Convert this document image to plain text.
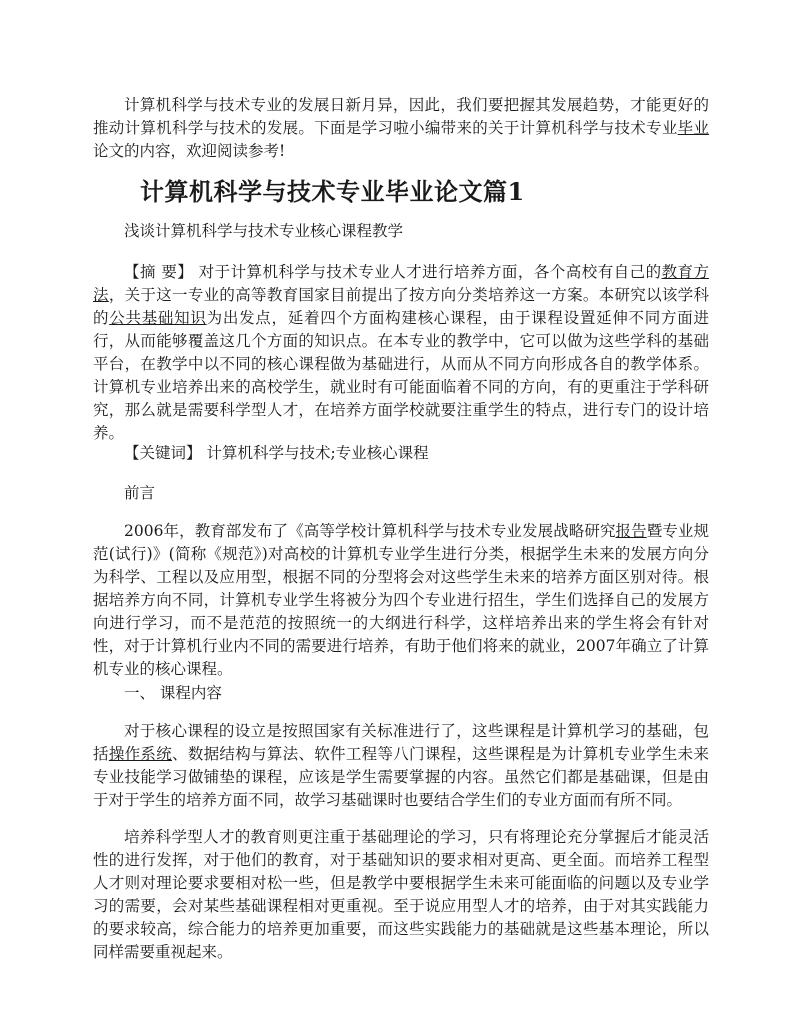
计算机科学与技术专业的发展日新月异，因此，我们要把握其发展趋势，才能更好的推动计算机科学与技术的发展。下面是学习啦小编带来的关于计算机科学与技术专业毕业论文的内容，欢迎阅读参考!

计算机科学与技术专业毕业论文篇1

浅谈计算机科学与技术专业核心课程教学

【摘 要】 对于计算机科学与技术专业人才进行培养方面，各个高校有自己的教育方法，关于这一专业的高等教育国家目前提出了按方向分类培养这一方案。本研究以该学科的公共基础知识为出发点，延着四个方面构建核心课程，由于课程设置延伸不同方面进行，从而能够覆盖这几个方面的知识点。在本专业的教学中，它可以做为这些学科的基础平台，在教学中以不同的核心课程做为基础进行，从而从不同方向形成各自的教学体系。计算机专业培养出来的高校学生，就业时有可能面临着不同的方向，有的更重注于学科研究，那么就是需要科学型人才，在培养方面学校就要注重学生的特点，进行专门的设计培养。

【关键词】 计算机科学与技术;专业核心课程

前言

2006年，教育部发布了《高等学校计算机科学与技术专业发展战略研究报告暨专业规范(试行)》(简称《规范》)对高校的计算机专业学生进行分类，根据学生未来的发展方向分为科学、工程以及应用型，根据不同的分型将会对这些学生未来的培养方面区别对待。根据培养方向不同，计算机专业学生将被分为四个专业进行招生，学生们选择自己的发展方向进行学习，而不是范范的按照统一的大纲进行科学，这样培养出来的学生将会有针对性，对于计算机行业内不同的需要进行培养，有助于他们将来的就业，2007年确立了计算机专业的核心课程。

一、 课程内容

对于核心课程的设立是按照国家有关标准进行了，这些课程是计算机学习的基础，包括操作系统、数据结构与算法、软件工程等八门课程，这些课程是为计算机专业学生未来专业技能学习做铺垫的课程，应该是学生需要掌握的内容。虽然它们都是基础课，但是由于对于学生的培养方面不同，故学习基础课时也要结合学生们的专业方面而有所不同。

培养科学型人才的教育则更注重于基础理论的学习，只有将理论充分掌握后才能灵活性的进行发挥，对于他们的教育，对于基础知识的要求相对更高、更全面。而培养工程型人才则对理论要求要相对松一些，但是教学中要根据学生未来可能面临的问题以及专业学习的需要，会对某些基础课程相对更重视。至于说应用型人才的培养，由于对其实践能力的要求较高，综合能力的培养更加重要，而这些实践能力的基础就是这些基本理论，所以同样需要重视起来。
